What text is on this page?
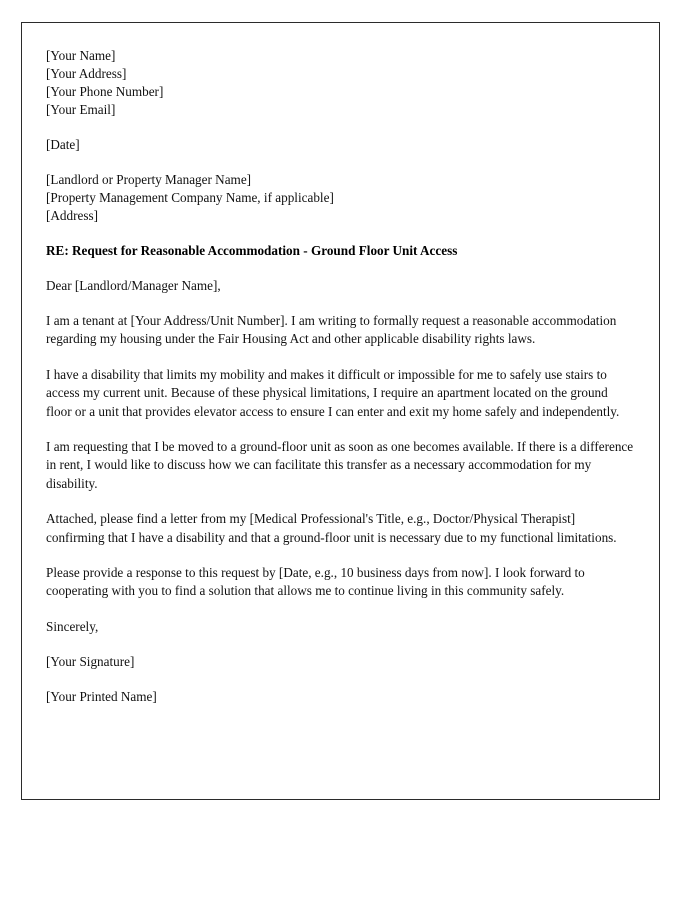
[Your Name]
[Your Address]
[Your Phone Number]
[Your Email]
[Date]
[Landlord or Property Manager Name]
[Property Management Company Name, if applicable]
[Address]
RE: Request for Reasonable Accommodation - Ground Floor Unit Access
Dear [Landlord/Manager Name],

I am a tenant at [Your Address/Unit Number]. I am writing to formally request a reasonable accommodation regarding my housing under the Fair Housing Act and other applicable disability rights laws.

I have a disability that limits my mobility and makes it difficult or impossible for me to safely use stairs to access my current unit. Because of these physical limitations, I require an apartment located on the ground floor or a unit that provides elevator access to ensure I can enter and exit my home safely and independently.

I am requesting that I be moved to a ground-floor unit as soon as one becomes available. If there is a difference in rent, I would like to discuss how we can facilitate this transfer as a necessary accommodation for my disability.

Attached, please find a letter from my [Medical Professional's Title, e.g., Doctor/Physical Therapist] confirming that I have a disability and that a ground-floor unit is necessary due to my functional limitations.

Please provide a response to this request by [Date, e.g., 10 business days from now]. I look forward to cooperating with you to find a solution that allows me to continue living in this community safely.

Sincerely,
[Your Signature]
[Your Printed Name]
